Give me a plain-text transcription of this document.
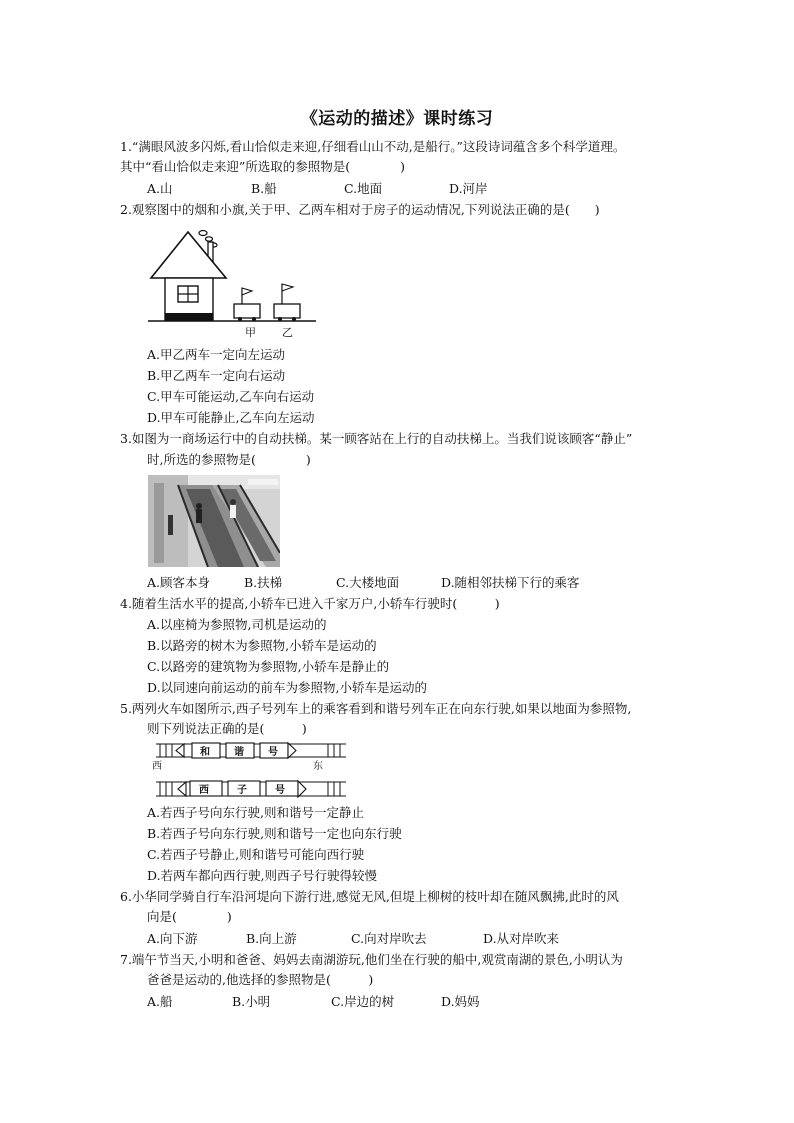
《运动的描述》课时练习
1.“满眼风波多闪烁,看山恰似走来迎,仔细看山山不动,是船行。”这段诗词蕴含多个科学道理。
其中“看山恰似走来迎”所选取的参照物是(　　　　)
A.山	B.船	C.地面	D.河岸
2.观察图中的烟和小旗,关于甲、乙两车相对于房子的运动情况,下列说法正确的是(　　)
甲 乙
A.甲乙两车一定向左运动
B.甲乙两车一定向右运动
C.甲车可能运动,乙车向右运动
D.甲车可能静止,乙车向左运动
3.如图为一商场运行中的自动扶梯。某一顾客站在上行的自动扶梯上。当我们说该顾客“静止”
时,所选的参照物是(　　　　)
A.顾客本身	B.扶梯	C.大楼地面	D.随相邻扶梯下行的乘客
4.随着生活水平的提高,小轿车已进入千家万户,小轿车行驶时(　　　)
A.以座椅为参照物,司机是运动的
B.以路旁的树木为参照物,小轿车是运动的
C.以路旁的建筑物为参照物,小轿车是静止的
D.以同速向前运动的前车为参照物,小轿车是运动的
5.两列火车如图所示,西子号列车上的乘客看到和谐号列车正在向东行驶,如果以地面为参照物,
则下列说法正确的是(　　　)
和 谐 号
西	东
西	子	号
A.若西子号向东行驶,则和谐号一定静止
B.若西子号向东行驶,则和谐号一定也向东行驶
C.若西子号静止,则和谐号可能向西行驶
D.若两车都向西行驶,则西子号行驶得较慢
6.小华同学骑自行车沿河堤向下游行进,感觉无风,但堤上柳树的枝叶却在随风飘拂,此时的风
向是(　　　　)
A.向下游	B.向上游	C.向对岸吹去	D.从对岸吹来
7.端午节当天,小明和爸爸、妈妈去南湖游玩,他们坐在行驶的船中,观赏南湖的景色,小明认为
爸爸是运动的,他选择的参照物是(　　　)
A.船	B.小明	C.岸边的树	D.妈妈
